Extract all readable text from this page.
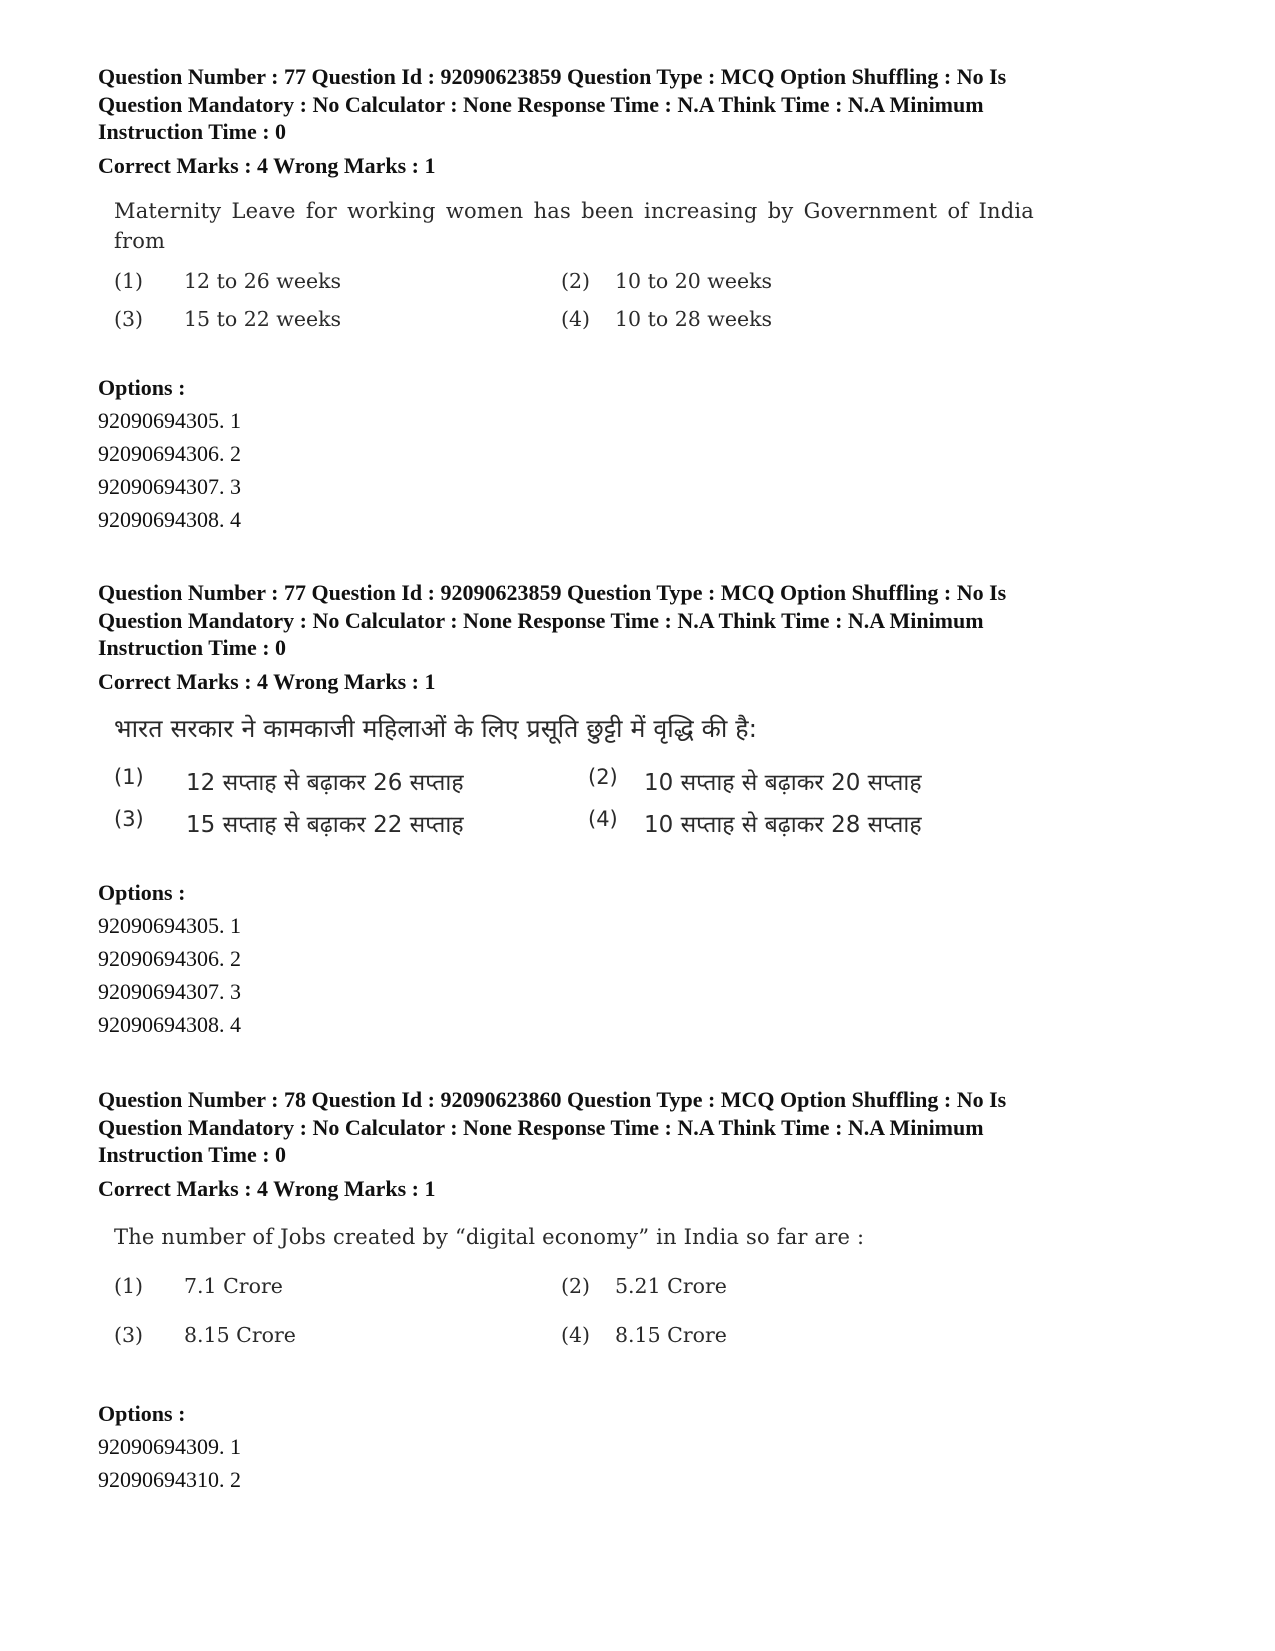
Question Number : 77 Question Id : 92090623859 Question Type : MCQ Option Shuffling : No Is
Question Mandatory : No Calculator : None Response Time : N.A Think Time : N.A Minimum
Instruction Time : 0
Correct Marks : 4 Wrong Marks : 1
Maternity Leave for working women has been increasing by Government of India from
(1) 12 to 26 weeks	(2) 10 to 20 weeks
(3) 15 to 22 weeks	(4) 10 to 28 weeks
Options :
92090694305. 1
92090694306. 2
92090694307. 3
92090694308. 4
Question Number : 77 Question Id : 92090623859 Question Type : MCQ Option Shuffling : No Is
Question Mandatory : No Calculator : None Response Time : N.A Think Time : N.A Minimum
Instruction Time : 0
Correct Marks : 4 Wrong Marks : 1
भारत सरकार ने कामकाजी महिलाओं के लिए प्रसूति छुट्टी में वृद्धि की है:
(1) 12 सप्ताह से बढ़ाकर 26 सप्ताह	(2) 10 सप्ताह से बढ़ाकर 20 सप्ताह
(3) 15 सप्ताह से बढ़ाकर 22 सप्ताह	(4) 10 सप्ताह से बढ़ाकर 28 सप्ताह
Options :
92090694305. 1
92090694306. 2
92090694307. 3
92090694308. 4
Question Number : 78 Question Id : 92090623860 Question Type : MCQ Option Shuffling : No Is
Question Mandatory : No Calculator : None Response Time : N.A Think Time : N.A Minimum
Instruction Time : 0
Correct Marks : 4 Wrong Marks : 1
The number of Jobs created by “digital economy” in India so far are :
(1) 7.1 Crore	(2) 5.21 Crore
(3) 8.15 Crore	(4) 8.15 Crore
Options :
92090694309. 1
92090694310. 2
